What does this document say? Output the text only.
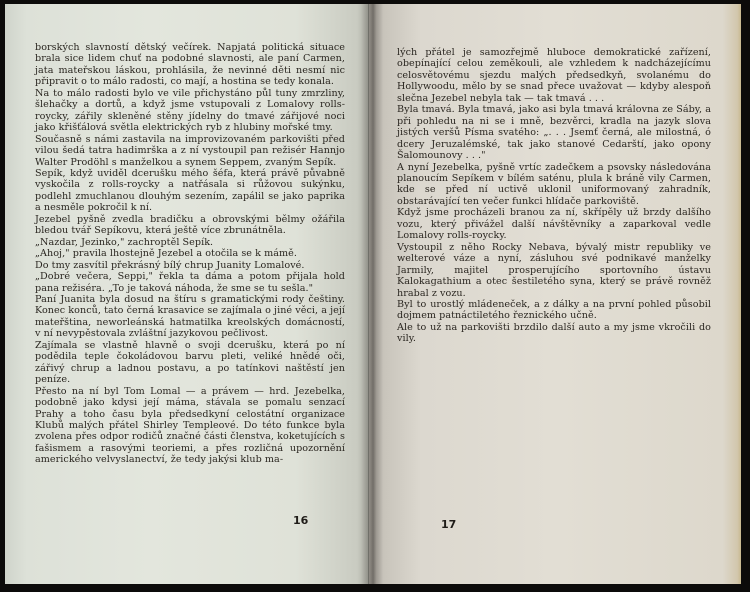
borských slavností dětský večírek. Napjatá politická situace brala sice lidem chuť na podobné slavnosti, ale paní Carmen, jata mateřskou láskou, prohlásila, že nevinné děti nesmí nic připravit o to málo radosti, co mají, a hostina se tedy konala.

Na to málo radosti bylo ve vile přichystáno půl tuny zmrzliny, šlehačky a dortů, a když jsme vstupovali z Lomalovy rolls-roycky, zářily skleněné stěny jídelny do tmavé zářijové noci jako křišťálová světla elektrických ryb z hlubiny mořské tmy.

Současně s námi zastavila na improvizovaném parkovišti před vilou šedá tatra hadimrška a z ní vystoupil pan režisér Hannjo Walter Prodöhl s manželkou a synem Seppem, zvaným Sepík.

Sepík, když uviděl dcerušku mého šéfa, která právě půvabně vyskočila z rolls-roycky a natřásala si růžovou sukýnku, podlehl zmuchlanou dlouhým sezením, zapálil se jako paprika a nesměle pokročil k ní.

Jezebel pyšně zvedla bradičku a obrovskými bělmy ožářila bledou tvář Sepíkovu, která ještě více zbrunátněla.

„Nazdar, Jezinko," zachroptěl Sepík.

„Ahoj," pravila lhostejně Jezebel a otočila se k mámě.

Do tmy zasvítil překrásný bílý chrup Juanity Lomalové.

„Dobré večera, Seppi," řekla ta dáma a potom přijala hold pana režiséra. „To je taková náhoda, že sme se tu sešla."

Paní Juanita byla dosud na štíru s gramatickými rody češtiny. Konec konců, tato černá krasavice se zajímala o jiné věci, a její mateřština, neworleánská hatmatilka kreolských domácností, v ní nevypěstovala zvláštní jazykovou pečlivost.

Zajímala se vlastně hlavně o svoji dcerušku, která po ní podědila teple čokoládovou barvu pleti, veliké hnědé oči, zářivý chrup a ladnou postavu, a po tatínkovi naštěstí jen peníze.

Přesto na ní byl Tom Lomal — a právem — hrd. Jezebelka, podobně jako kdysi její máma, stávala se pomalu senzací Prahy a toho času byla předsedkyní celostátní organizace Klubů malých přátel Shirley Templeové. Do této funkce byla zvolena přes odpor rodičů značné části členstva, koketujících s fašismem a rasovými teoriemi, a přes rozličná upozornění amerického velvyslanectví, že tedy jakýsi klub ma-

16

lých přátel je samozřejmě hluboce demokratické zařízení, obepínající celou zeměkouli, ale vzhledem k nadcházejícímu celosvětovému sjezdu malých předsedkyň, svolanému do Hollywoodu, mělo by se snad přece uvažovat — kdyby alespoň slečna Jezebel nebyla tak — tak tmavá . . .

Byla tmavá. Byla tmavá, jako asi byla tmavá královna ze Sáby, a při pohledu na ni se i mně, bezvěrci, kradla na jazyk slova jistých veršů Písma svatého: „. . . Jsemť černá, ale milostná, ó dcery Jeruzalémské, tak jako stanové Cedarští, jako opony Šalomounovy . . ."

A nyní Jezebelka, pyšně vrtíc zadečkem a psovsky následována planoucím Sepíkem v bílém saténu, plula k bráně vily Carmen, kde se před ní uctivě uklonil uniformovaný zahradník, obstarávající ten večer funkci hlídače parkoviště.

Když jsme procházeli branou za ní, skřípěly už brzdy dalšího vozu, který přivážel další návštěvníky a zaparkoval vedle Lomalovy rolls-roycky.

Vystoupil z něho Rocky Nebava, bývalý mistr republiky ve welterové váze a nyní, zásluhou své podnikavé manželky Jarmily, majitel prosperujícího sportovního ústavu Kalokagathium a otec šestiletého syna, který se právě rovněž hrabal z vozu.

Byl to urostlý mládeneček, a z dálky a na první pohled působil dojmem patnáctiletého řeznického učně.

Ale to už na parkovišti brzdilo další auto a my jsme vkročili do vily.

17
